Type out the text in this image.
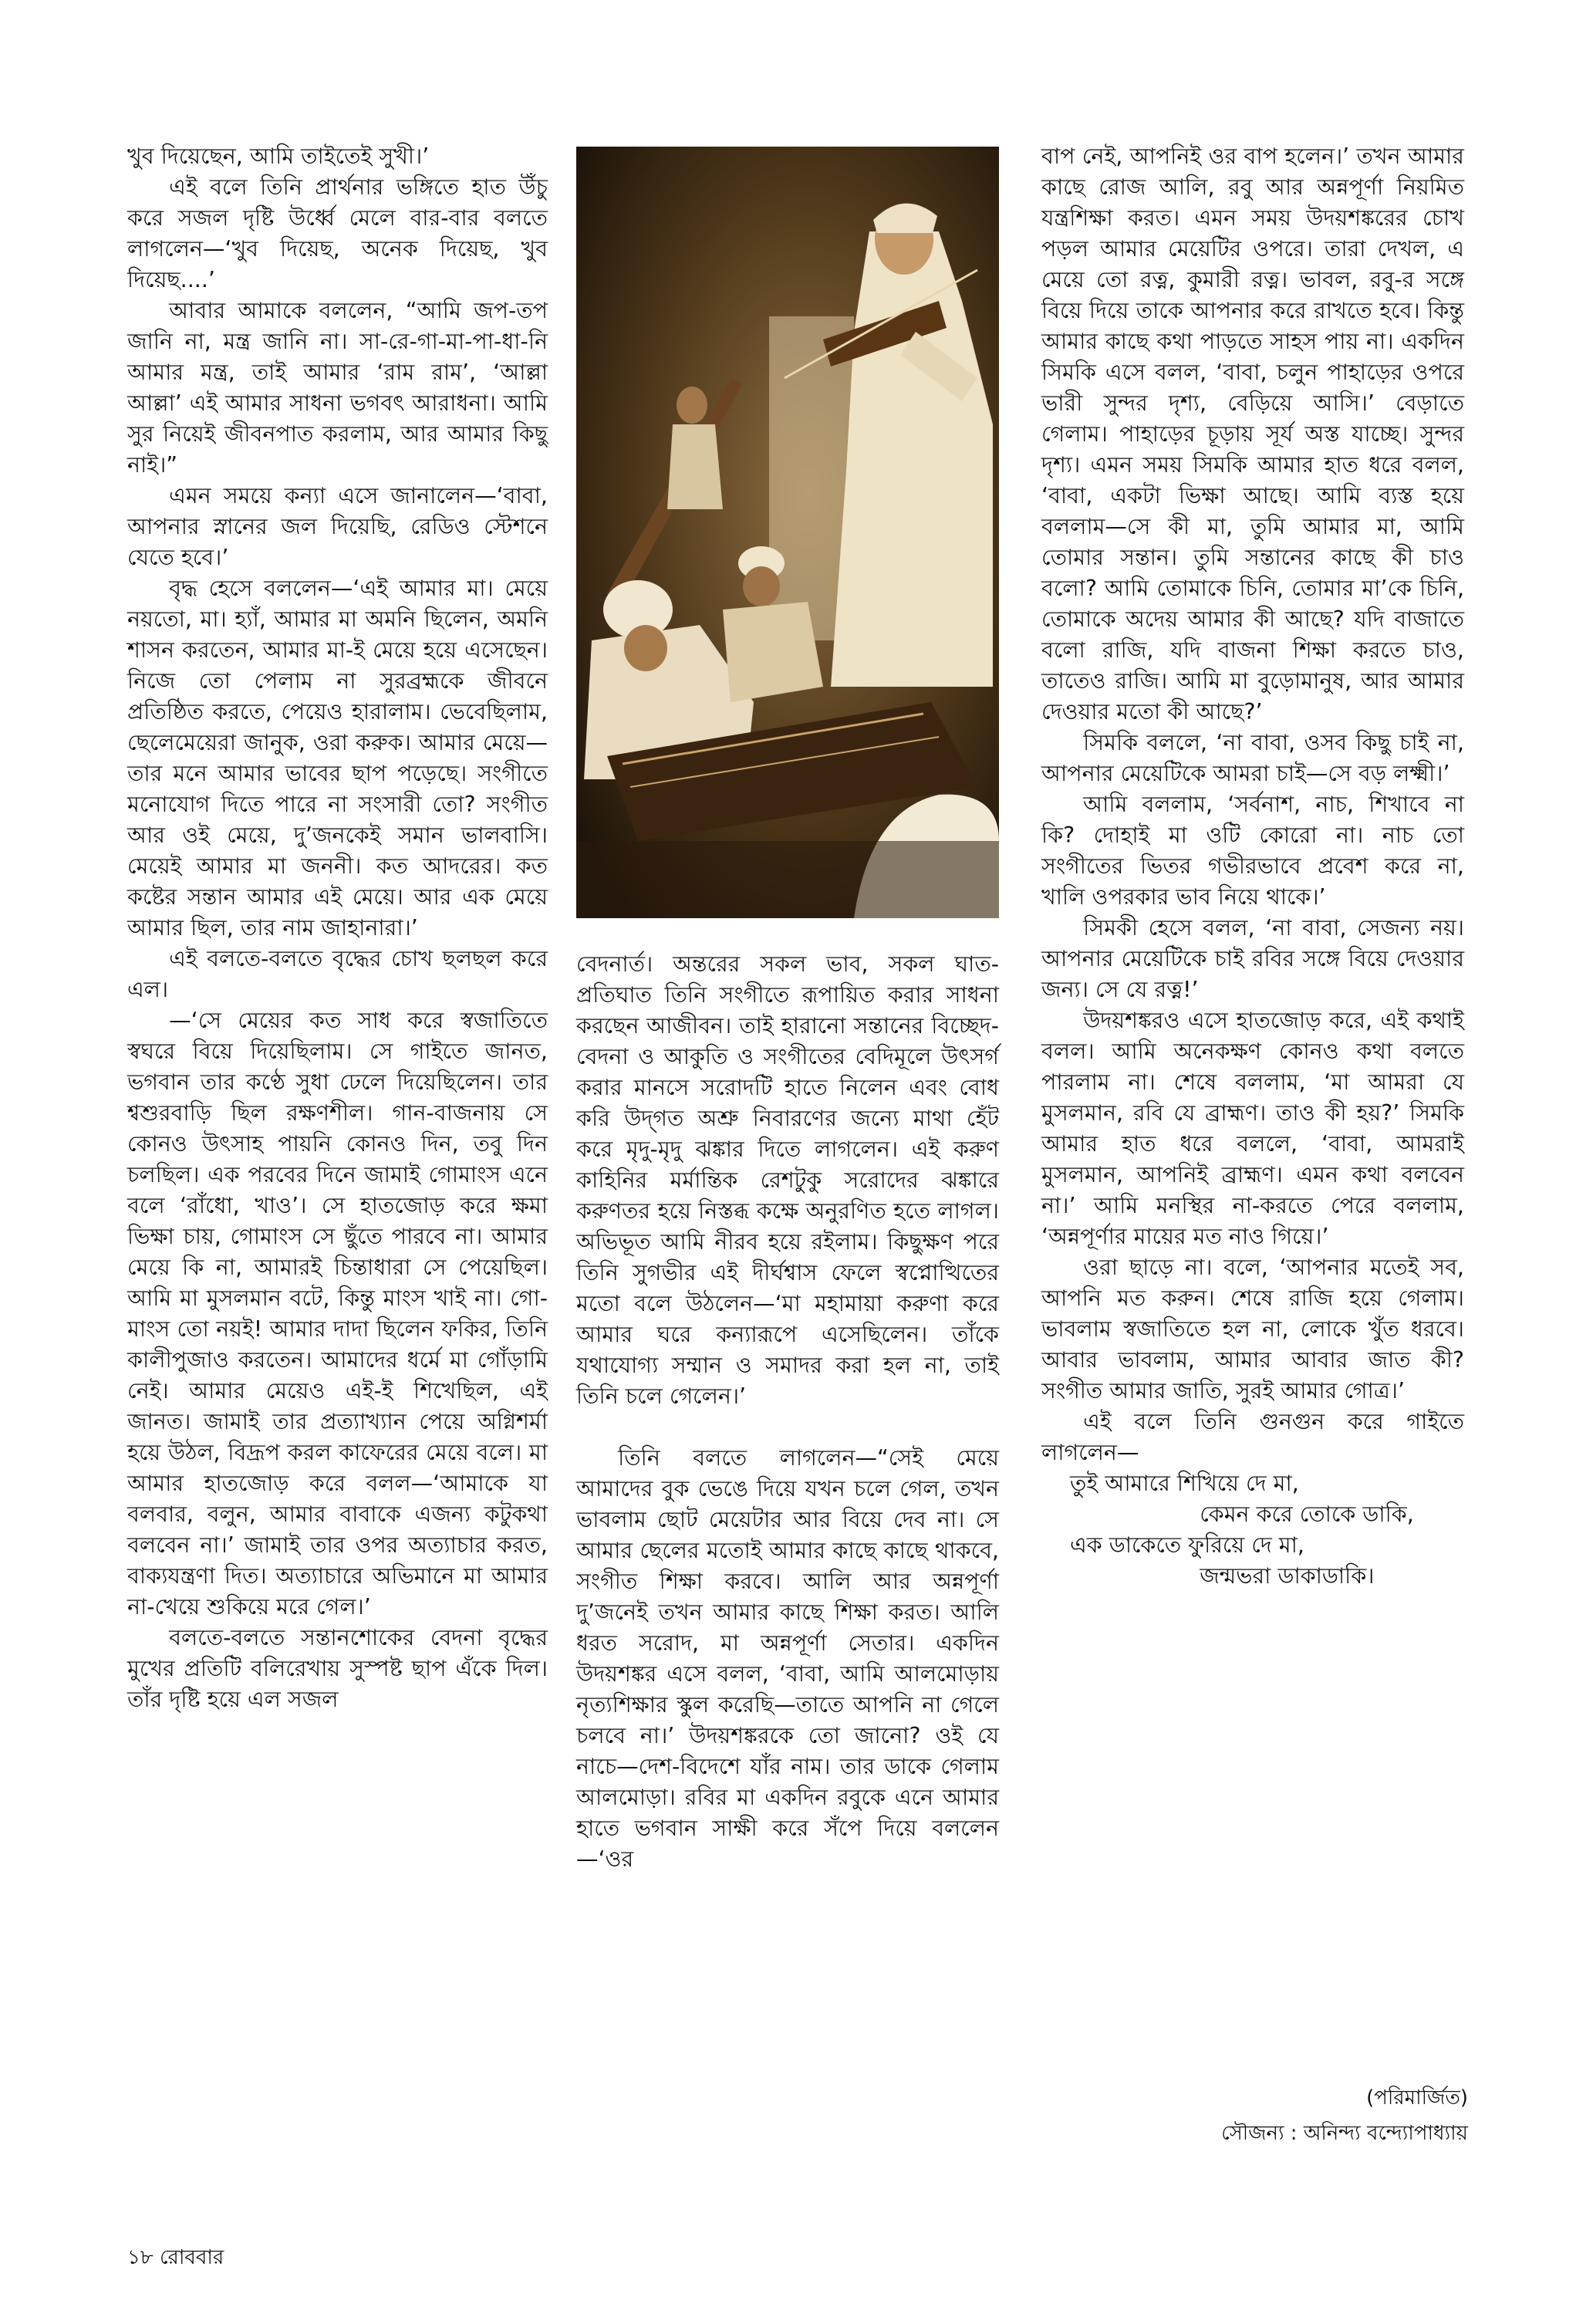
খুব দিয়েছেন, আমি তাইতেই সুখী।’

এই বলে তিনি প্রার্থনার ভঙ্গিতে হাত উঁচু করে সজল দৃষ্টি উর্ধ্বে মেলে বার-বার বলতে লাগলেন—‘খুব দিয়েছ, অনেক দিয়েছ, খুব দিয়েছ....’

আবার আমাকে বললেন, “আমি জপ-তপ জানি না, মন্ত্র জানি না। সা-রে-গা-মা-পা-ধা-নি আমার মন্ত্র, তাই আমার ‘রাম রাম’, ‘আল্লা আল্লা’ এই আমার সাধনা ভগবৎ আরাধনা। আমি সুর নিয়েই জীবনপাত করলাম, আর আমার কিছু নাই।”

এমন সময়ে কন্যা এসে জানালেন—‘বাবা, আপনার স্নানের জল দিয়েছি, রেডিও স্টেশনে যেতে হবে।’

বৃদ্ধ হেসে বললেন—‘এই আমার মা। মেয়ে নয়তো, মা। হ্যাঁ, আমার মা অমনি ছিলেন, অমনি শাসন করতেন, আমার মা-ই মেয়ে হয়ে এসেছেন। নিজে তো পেলাম না সুরব্রহ্মকে জীবনে প্রতিষ্ঠিত করতে, পেয়েও হারালাম। ভেবেছিলাম, ছেলেমেয়েরা জানুক, ওরা করুক। আমার মেয়ে—তার মনে আমার ভাবের ছাপ পড়েছে। সংগীতে মনোযোগ দিতে পারে না সংসারী তো? সংগীত আর ওই মেয়ে, দু’জনকেই সমান ভালবাসি। মেয়েই আমার মা জননী। কত আদরের। কত কষ্টের সন্তান আমার এই মেয়ে। আর এক মেয়ে আমার ছিল, তার নাম জাহানারা।’

এই বলতে-বলতে বৃদ্ধের চোখ ছলছল করে এল।

—‘সে মেয়ের কত সাধ করে স্বজাতিতে স্বঘরে বিয়ে দিয়েছিলাম। সে গাইতে জানত, ভগবান তার কণ্ঠে সুধা ঢেলে দিয়েছিলেন। তার শ্বশুরবাড়ি ছিল রক্ষণশীল। গান-বাজনায় সে কোনও উৎসাহ পায়নি কোনও দিন, তবু দিন চলছিল। এক পরবের দিনে জামাই গোমাংস এনে বলে ‘রাঁধো, খাও’। সে হাতজোড় করে ক্ষমা ভিক্ষা চায়, গোমাংস সে ছুঁতে পারবে না। আমার মেয়ে কি না, আমারই চিন্তাধারা সে পেয়েছিল। আমি মা মুসলমান বটে, কিন্তু মাংস খাই না। গো-মাংস তো নয়ই! আমার দাদা ছিলেন ফকির, তিনি কালীপুজাও করতেন। আমাদের ধর্মে মা গোঁড়ামি নেই। আমার মেয়েও এই-ই শিখেছিল, এই জানত। জামাই তার প্রত্যাখ্যান পেয়ে অগ্নিশর্মা হয়ে উঠল, বিদ্রূপ করল কাফেরের মেয়ে বলে। মা আমার হাতজোড় করে বলল—‘আমাকে যা বলবার, বলুন, আমার বাবাকে এজন্য কটুকথা বলবেন না।’ জামাই তার ওপর অত্যাচার করত, বাক্যযন্ত্রণা দিত। অত্যাচারে অভিমানে মা আমার না-খেয়ে শুকিয়ে মরে গেল।’

বলতে-বলতে সন্তানশোকের বেদনা বৃদ্ধের মুখের প্রতিটি বলিরেখায় সুস্পষ্ট ছাপ এঁকে দিল। তাঁর দৃষ্টি হয়ে এল সজল

বেদনার্ত। অন্তরের সকল ভাব, সকল ঘাত-প্রতিঘাত তিনি সংগীতে রূপায়িত করার সাধনা করছেন আজীবন। তাই হারানো সন্তানের বিচ্ছেদ-বেদনা ও আকুতি ও সংগীতের বেদিমূলে উৎসর্গ করার মানসে সরোদটি হাতে নিলেন এবং বোধ করি উদ্‌গত অশ্রু নিবারণের জন্যে মাথা হেঁট করে মৃদু-মৃদু ঝঙ্কার দিতে লাগলেন। এই করুণ কাহিনির মর্মান্তিক রেশটুকু সরোদের ঝঙ্কারে করুণতর হয়ে নিস্তব্ধ কক্ষে অনুরণিত হতে লাগল। অভিভূত আমি নীরব হয়ে রইলাম। কিছুক্ষণ পরে তিনি সুগভীর এই দীর্ঘশ্বাস ফেলে স্বপ্নোত্থিতের মতো বলে উঠলেন—‘মা মহামায়া করুণা করে আমার ঘরে কন্যারূপে এসেছিলেন। তাঁকে যথাযোগ্য সম্মান ও সমাদর করা হল না, তাই তিনি চলে গেলেন।’

তিনি বলতে লাগলেন—“সেই মেয়ে আমাদের বুক ভেঙে দিয়ে যখন চলে গেল, তখন ভাবলাম ছোট মেয়েটার আর বিয়ে দেব না। সে আমার ছেলের মতোই আমার কাছে কাছে থাকবে, সংগীত শিক্ষা করবে। আলি আর অন্নপূর্ণা দু’জনেই তখন আমার কাছে শিক্ষা করত। আলি ধরত সরোদ, মা অন্নপূর্ণা সেতার। একদিন উদয়শঙ্কর এসে বলল, ‘বাবা, আমি আলমোড়ায় নৃত্যশিক্ষার স্কুল করেছি—তাতে আপনি না গেলে চলবে না।’ উদয়শঙ্করকে তো জানো? ওই যে নাচে—দেশ-বিদেশে যাঁর নাম। তার ডাকে গেলাম আলমোড়া। রবির মা একদিন রবুকে এনে আমার হাতে ভগবান সাক্ষী করে সঁপে দিয়ে বললেন—‘ওর

বাপ নেই, আপনিই ওর বাপ হলেন।’ তখন আমার কাছে রোজ আলি, রবু আর অন্নপূর্ণা নিয়মিত যন্ত্রশিক্ষা করত। এমন সময় উদয়শঙ্করের চোখ পড়ল আমার মেয়েটির ওপরে। তারা দেখল, এ মেয়ে তো রত্ন, কুমারী রত্ন। ভাবল, রবু-র সঙ্গে বিয়ে দিয়ে তাকে আপনার করে রাখতে হবে। কিন্তু আমার কাছে কথা পাড়তে সাহস পায় না। একদিন সিমকি এসে বলল, ‘বাবা, চলুন পাহাড়ের ওপরে ভারী সুন্দর দৃশ্য, বেড়িয়ে আসি।’ বেড়াতে গেলাম। পাহাড়ের চূড়ায় সূর্য অস্ত যাচ্ছে। সুন্দর দৃশ্য। এমন সময় সিমকি আমার হাত ধরে বলল, ‘বাবা, একটা ভিক্ষা আছে। আমি ব্যস্ত হয়ে বললাম—সে কী মা, তুমি আমার মা, আমি তোমার সন্তান। তুমি সন্তানের কাছে কী চাও বলো? আমি তোমাকে চিনি, তোমার মা’কে চিনি, তোমাকে অদেয় আমার কী আছে? যদি বাজাতে বলো রাজি, যদি বাজনা শিক্ষা করতে চাও, তাতেও রাজি। আমি মা বুড়োমানুষ, আর আমার দেওয়ার মতো কী আছে?’

সিমকি বললে, ‘না বাবা, ওসব কিছু চাই না, আপনার মেয়েটিকে আমরা চাই—সে বড় লক্ষ্মী।’

আমি বললাম, ‘সর্বনাশ, নাচ, শিখাবে না কি? দোহাই মা ওটি কোরো না। নাচ তো সংগীতের ভিতর গভীরভাবে প্রবেশ করে না, খালি ওপরকার ভাব নিয়ে থাকে।’

সিমকী হেসে বলল, ‘না বাবা, সেজন্য নয়। আপনার মেয়েটিকে চাই রবির সঙ্গে বিয়ে দেওয়ার জন্য। সে যে রত্ন!’

উদয়শঙ্করও এসে হাতজোড় করে, এই কথাই বলল। আমি অনেকক্ষণ কোনও কথা বলতে পারলাম না। শেষে বললাম, ‘মা আমরা যে মুসলমান, রবি যে ব্রাহ্মণ। তাও কী হয়?’ সিমকি আমার হাত ধরে বললে, ‘বাবা, আমরাই মুসলমান, আপনিই ব্রাহ্মণ। এমন কথা বলবেন না।’ আমি মনস্থির না-করতে পেরে বললাম, ‘অন্নপূর্ণার মায়ের মত নাও গিয়ে।’

ওরা ছাড়ে না। বলে, ‘আপনার মতেই সব, আপনি মত করুন। শেষে রাজি হয়ে গেলাম। ভাবলাম স্বজাতিতে হল না, লোকে খুঁত ধরবে। আবার ভাবলাম, আমার আবার জাত কী? সংগীত আমার জাতি, সুরই আমার গোত্র।’

এই বলে তিনি গুনগুন করে গাইতে লাগলেন—

তুই আমারে শিখিয়ে দে মা,
কেমন করে তোকে ডাকি,
এক ডাকেতে ফুরিয়ে দে মা,
জন্মভরা ডাকাডাকি।
(পরিমার্জিত)
সৌজন্য : অনিন্দ্য বন্দ্যোপাধ্যায়
১৮ রোববার
